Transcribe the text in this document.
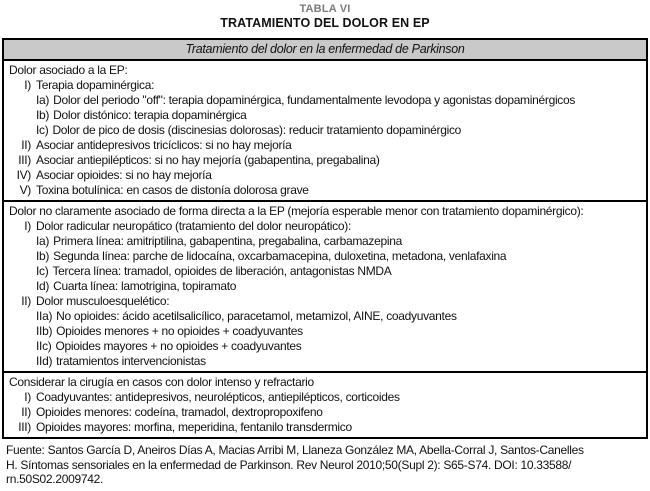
TABLA VI
TRATAMIENTO DEL DOLOR EN EP
Tratamiento del dolor en la enfermedad de Parkinson
Dolor asociado a la EP:
I) Terapia dopaminérgica:
Ia) Dolor del periodo "off": terapia dopaminérgica, fundamentalmente levodopa y agonistas dopaminérgicos
Ib) Dolor distónico: terapia dopaminérgica
Ic) Dolor de pico de dosis (discinesias dolorosas): reducir tratamiento dopaminérgico
II) Asociar antidepresivos tricíclicos: si no hay mejoría
III) Asociar antiepilépticos: si no hay mejoría (gabapentina, pregabalina)
IV) Asociar opioides: si no hay mejoría
V) Toxina botulínica: en casos de distonía dolorosa grave
Dolor no claramente asociado de forma directa a la EP (mejoría esperable menor con tratamiento dopaminérgico):
I) Dolor radicular neuropático (tratamiento del dolor neuropático):
Ia) Primera línea: amitriptilina, gabapentina, pregabalina, carbamazepina
Ib) Segunda línea: parche de lidocaína, oxcarbamacepina, duloxetina, metadona, venlafaxina
Ic) Tercera línea: tramadol, opioides de liberación, antagonistas NMDA
Id) Cuarta línea: lamotrigina, topiramato
II) Dolor musculoesquelético:
IIa) No opioides: ácido acetilsalicílico, paracetamol, metamizol, AINE, coadyuvantes
IIb) Opioides menores + no opioides + coadyuvantes
IIc) Opioides mayores + no opioides + coadyuvantes
IId) tratamientos intervencionistas
Considerar la cirugía en casos con dolor intenso y refractario
I) Coadyuvantes: antidepresivos, neurolépticos, antiepilépticos, corticoides
II) Opioides menores: codeína, tramadol, dextropropoxifeno
III) Opioides mayores: morfina, meperidina, fentanilo transdermico
Fuente: Santos García D, Aneiros Días A, Macias Arribi M, Llaneza González MA, Abella-Corral J, Santos-Canelles
H. Síntomas sensoriales en la enfermedad de Parkinson. Rev Neurol 2010;50(Supl 2): S65-S74. DOI: 10.33588/
rn.50S02.2009742.
